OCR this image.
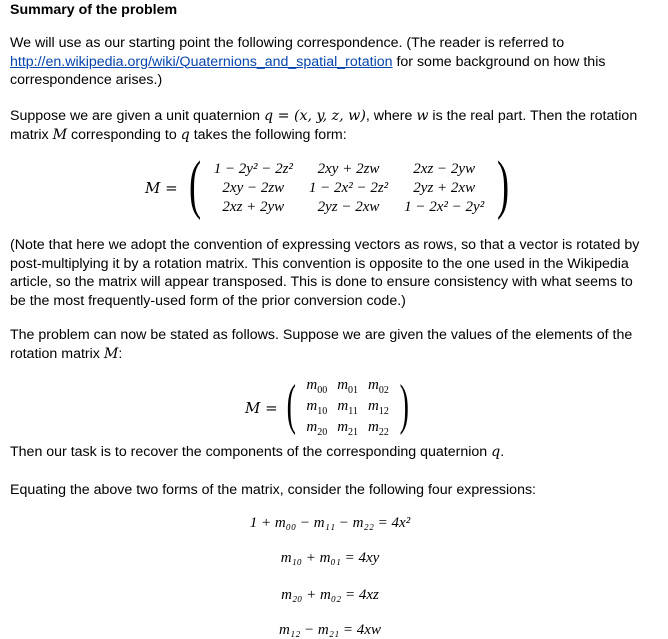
Summary of the problem
We will use as our starting point the following correspondence. (The reader is referred to http://en.wikipedia.org/wiki/Quaternions_and_spatial_rotation for some background on how this correspondence arises.)
Suppose we are given a unit quaternion q = (x, y, z, w), where w is the real part. Then the rotation matrix M corresponding to q takes the following form:
M = ( 1 − 2y² − 2z²	2xy + 2zw	2xz − 2yw
2xy − 2zw	1 − 2x² − 2z²	2yz + 2xw
2xz + 2yw	2yz − 2xw	1 − 2x² − 2y² )
(Note that here we adopt the convention of expressing vectors as rows, so that a vector is rotated by post-multiplying it by a rotation matrix. This convention is opposite to the one used in the Wikipedia article, so the matrix will appear transposed. This is done to ensure consistency with what seems to be the most frequently-used form of the prior conversion code.)
The problem can now be stated as follows. Suppose we are given the values of the elements of the rotation matrix M:
M = ( $m_{00}$	$m_{01}$	$m_{02}$
$m_{10}$	$m_{11}$	$m_{12}$
$m_{20}$	$m_{21}$	$m_{22}$ )
Then our task is to recover the components of the corresponding quaternion q.
Equating the above two forms of the matrix, consider the following four expressions:
1 + m₀₀ − m₁₁ − m₂₂ = 4x²
m₁₀ + m₀₁ = 4xy
m₂₀ + m₀₂ = 4xz
m₁₂ − m₂₁ = 4xw
